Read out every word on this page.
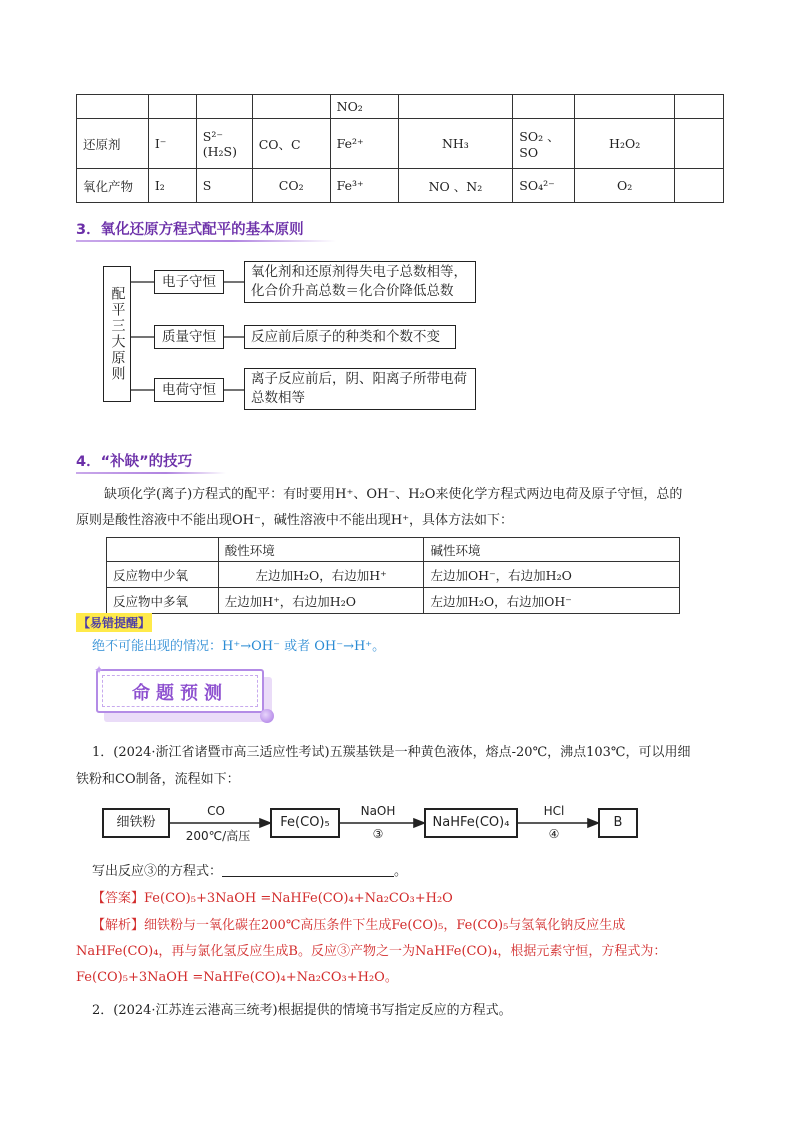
				NO₂				
还原剂	I⁻	S²⁻ (H₂S)	CO、C	Fe²⁺	NH₃	SO₂ 、SO	H₂O₂	
氧化产物	I₂	S	CO₂	Fe³⁺	NO 、N₂	SO₄²⁻	O₂	
3．氧化还原方程式配平的基本原则
配平三大原则
电子守恒
氧化剂和还原剂得失电子总数相等，化合价升高总数＝化合价降低总数
质量守恒	反应前后原子的种类和个数不变
电荷守恒
离子反应前后，阴、阳离子所带电荷总数相等
4．“补缺”的技巧
缺项化学(离子)方程式的配平：有时要用H⁺、OH⁻、H₂O来使化学方程式两边电荷及原子守恒，总的
原则是酸性溶液中不能出现OH⁻，碱性溶液中不能出现H⁺，具体方法如下：
	酸性环境	碱性环境
反应物中少氧	左边加H₂O，右边加H⁺	左边加OH⁻，右边加H₂O
反应物中多氧	左边加H⁺，右边加H₂O	左边加H₂O，右边加OH⁻
【易错提醒】
绝不可能出现的情况：H⁺→OH⁻ 或者 OH⁻→H⁺。
命题预测
✦
1．(2024·浙江省诸暨市高三适应性考试)五羰基铁是一种黄色液体，熔点-20℃，沸点103℃，可以用细
铁粉和CO制备，流程如下：
细铁粉	Fe(CO)₅	NaHFe(CO)₄	B
CO
200℃/高压
NaOH
③
HCl
④
写出反应③的方程式：	。
【答案】Fe(CO)₅+3NaOH =NaHFe(CO)₄+Na₂CO₃+H₂O
【解析】细铁粉与一氧化碳在200℃高压条件下生成Fe(CO)₅，Fe(CO)₅与氢氧化钠反应生成
NaHFe(CO)₄，再与氯化氢反应生成B。反应③产物之一为NaHFe(CO)₄，根据元素守恒，方程式为：
Fe(CO)₅+3NaOH =NaHFe(CO)₄+Na₂CO₃+H₂O。
2．(2024·江苏连云港高三统考)根据提供的情境书写指定反应的方程式。
